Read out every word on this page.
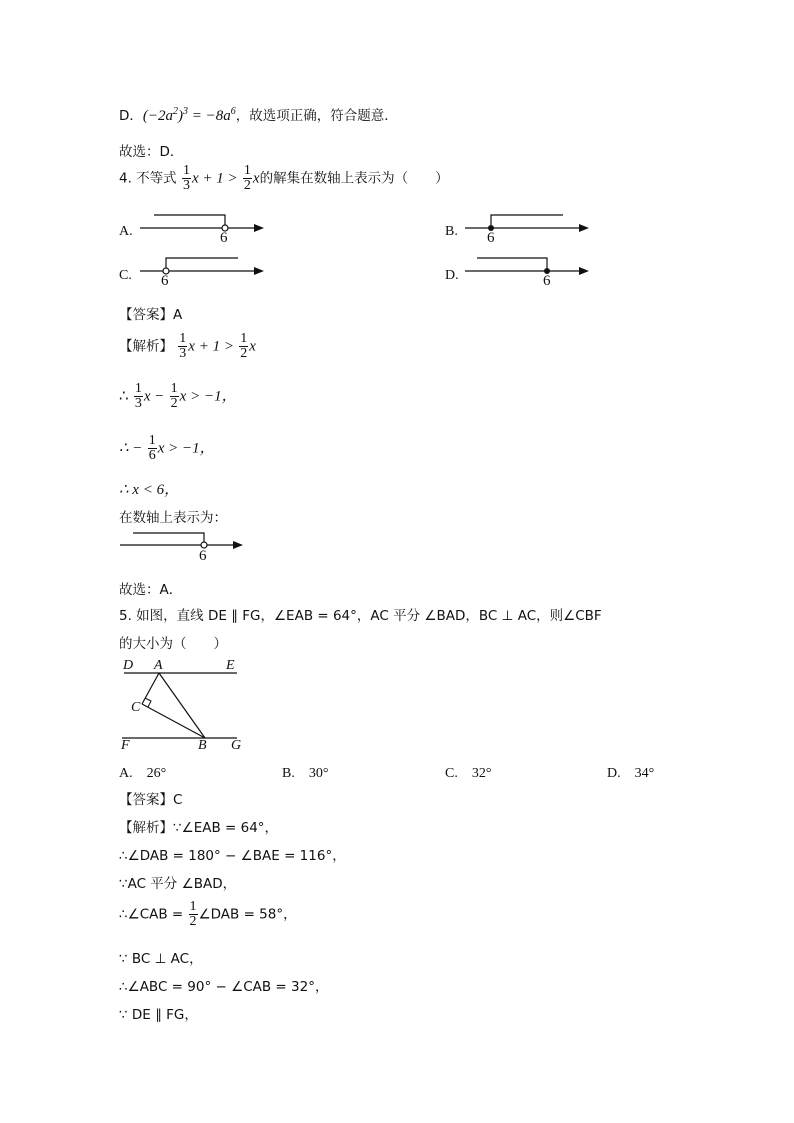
D．$(-2a^2)^3 = -8a^6$，故选项正确，符合题意．
故选：D．
4. 不等式 $\frac{1}{3}$ $x + 1 > \frac{1}{2}$ x的解集在数轴上表示为（　　）
A.	6	B. 6
C. 6	D.	6
【答案】A
【解析】 $\frac{1}{3}$ $x + 1 > \frac{1}{2}$ x
∴ $\frac{1}{3}$ $x - \frac{1}{2}$ x > −1，
∴ − $\frac{1}{6}$ x > −1，
∴ x < 6，
在数轴上表示为：
6
故选：A．
5. 如图，直线 DE ∥ FG，∠EAB = 64°，AC 平分 ∠BAD，BC ⊥ AC，则∠CBF
的大小为（　　）
D A	E
C
F	B G
A.　26°	B.　30°	C.　32°	D.　34°
【答案】C
【解析】∵∠EAB = 64°，
∴∠DAB = 180° − ∠BAE = 116°，
∵AC 平分 ∠BAD，
∴∠CAB = $\frac{1}{2}$ ∠DAB = 58°，
∵ BC ⊥ AC，
∴∠ABC = 90° − ∠CAB = 32°，
∵ DE ∥ FG，
